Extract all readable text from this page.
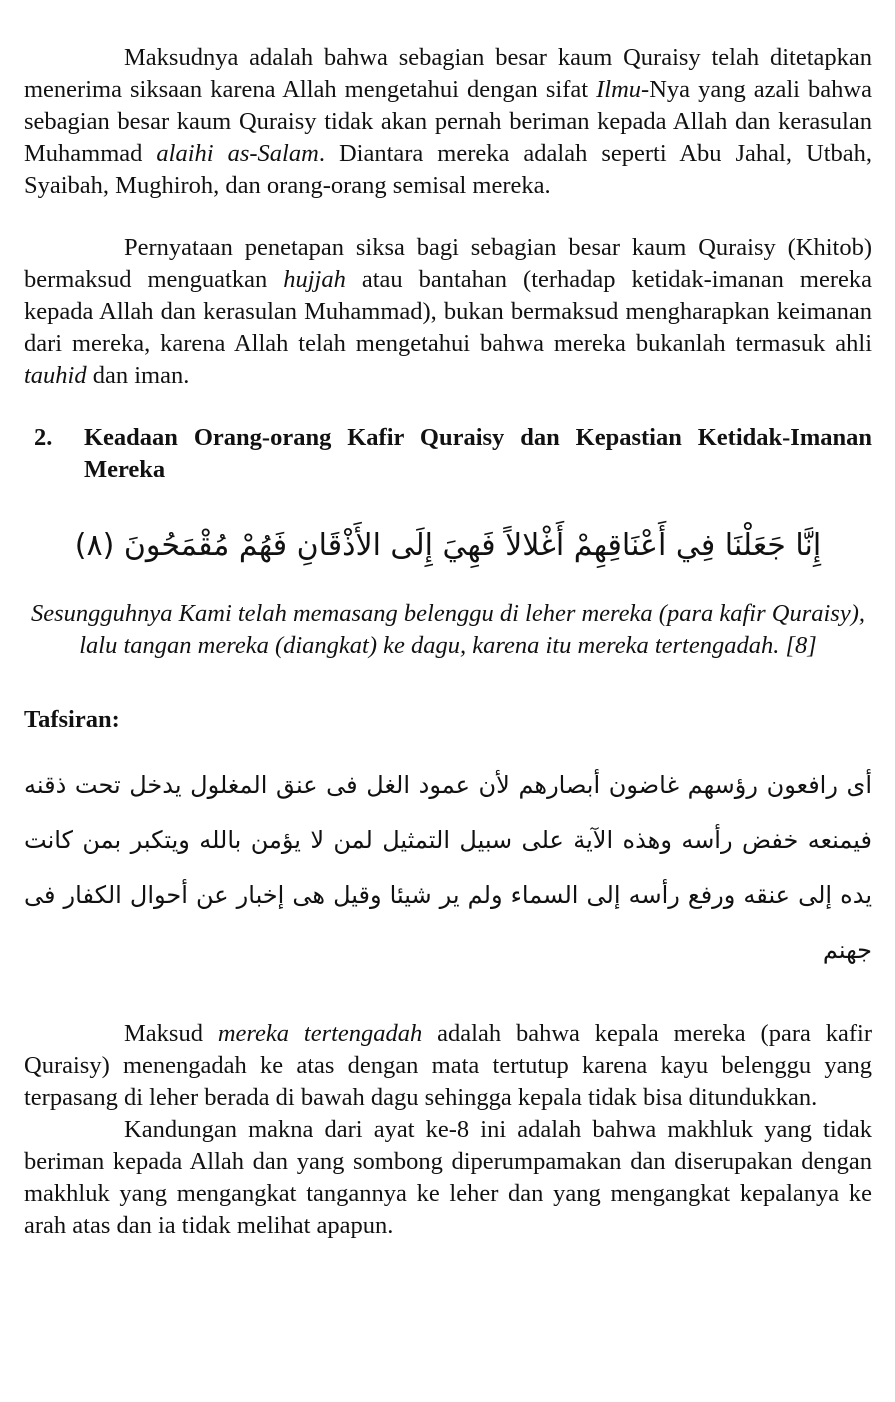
Maksudnya adalah bahwa sebagian besar kaum Quraisy telah ditetapkan menerima siksaan karena Allah mengetahui dengan sifat Ilmu-Nya yang azali bahwa sebagian besar kaum Quraisy tidak akan pernah beriman kepada Allah dan kerasulan Muhammad alaihi as-Salam. Diantara mereka adalah seperti Abu Jahal, Utbah, Syaibah, Mughiroh, dan orang-orang semisal mereka.

Pernyataan penetapan siksa bagi sebagian besar kaum Quraisy (Khitob) bermaksud menguatkan hujjah atau bantahan (terhadap ketidak-imanan mereka kepada Allah dan kerasulan Muhammad), bukan bermaksud mengharapkan keimanan dari mereka, karena Allah telah mengetahui bahwa mereka bukanlah termasuk ahli tauhid dan iman.

2.	Keadaan Orang-orang Kafir Quraisy dan Kepastian Ketidak-Imanan Mereka
إِنَّا جَعَلْنَا فِي أَعْنَاقِهِمْ أَغْلالاً فَهِيَ إِلَى الأَذْقَانِ فَهُمْ مُقْمَحُونَ (٨)

Sesungguhnya Kami telah memasang belenggu di leher mereka (para kafir Quraisy), lalu tangan mereka (diangkat) ke dagu, karena itu mereka tertengadah. [8]

Tafsiran:

أى رافعون رؤسهم غاضون أبصارهم لأن عمود الغل فى عنق المغلول يدخل تحت ذقنه فيمنعه خفض رأسه وهذه الآية على سبيل التمثيل لمن لا يؤمن بالله ويتكبر بمن كانت يده إلى عنقه ورفع رأسه إلى السماء ولم ير شيئا وقيل هى إخبار عن أحوال الكفار فى جهنم

Maksud mereka tertengadah adalah bahwa kepala mereka (para kafir Quraisy) menengadah ke atas dengan mata tertutup karena kayu belenggu yang terpasang di leher berada di bawah dagu sehingga kepala tidak bisa ditundukkan.

Kandungan makna dari ayat ke-8 ini adalah bahwa makhluk yang tidak beriman kepada Allah dan yang sombong diperumpamakan dan diserupakan dengan makhluk yang mengangkat tangannya ke leher dan yang mengangkat kepalanya ke arah atas dan ia tidak melihat apapun.
